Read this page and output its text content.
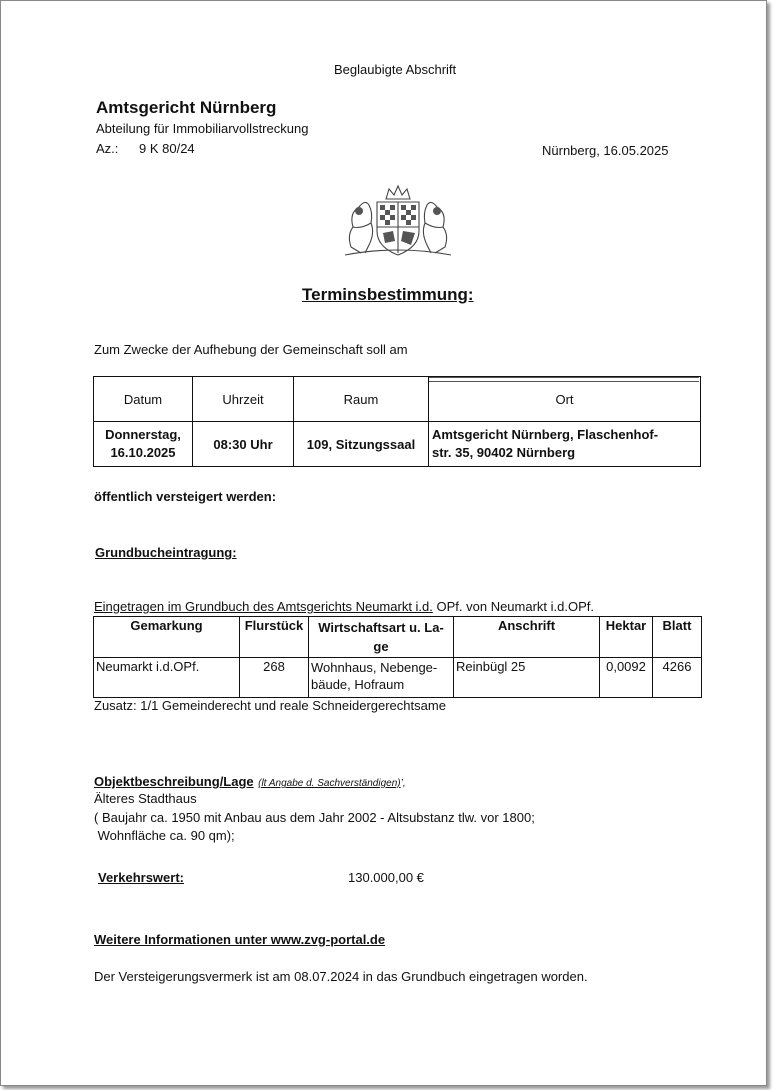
Beglaubigte Abschrift
Amtsgericht Nürnberg
Abteilung für Immobiliarvollstreckung
Az.: 9 K 80/24	Nürnberg, 16.05.2025
Terminsbestimmung:
Zum Zwecke der Aufhebung der Gemeinschaft soll am
Datum	Uhrzeit	Raum	Ort
Donnerstag,
16.10.2025	08:30 Uhr	109, Sitzungssaal	Amtsgericht Nürnberg, Flaschenhof-
str. 35, 90402 Nürnberg
öffentlich versteigert werden:
Grundbucheintragung:
Eingetragen im Grundbuch des Amtsgerichts Neumarkt i.d. OPf. von Neumarkt i.d.OPf.
Gemarkung	Flurstück	Wirtschaftsart u. La-
ge	Anschrift	Hektar	Blatt
Neumarkt i.d.OPf.	268	Wohnhaus, Nebenge-
bäude, Hofraum	Reinbügl 25	0,0092	4266
Zusatz: 1/1 Gemeinderecht und reale Schneidergerechtsame
Objektbeschreibung/Lage (lt Angabe d. Sachverständigen)’,
Älteres Stadthaus
( Baujahr ca. 1950 mit Anbau aus dem Jahr 2002 - Altsubstanz tlw. vor 1800;
Wohnfläche ca. 90 qm);
Verkehrswert:	130.000,00 €
Weitere Informationen unter www.zvg-portal.de
Der Versteigerungsvermerk ist am 08.07.2024 in das Grundbuch eingetragen worden.
